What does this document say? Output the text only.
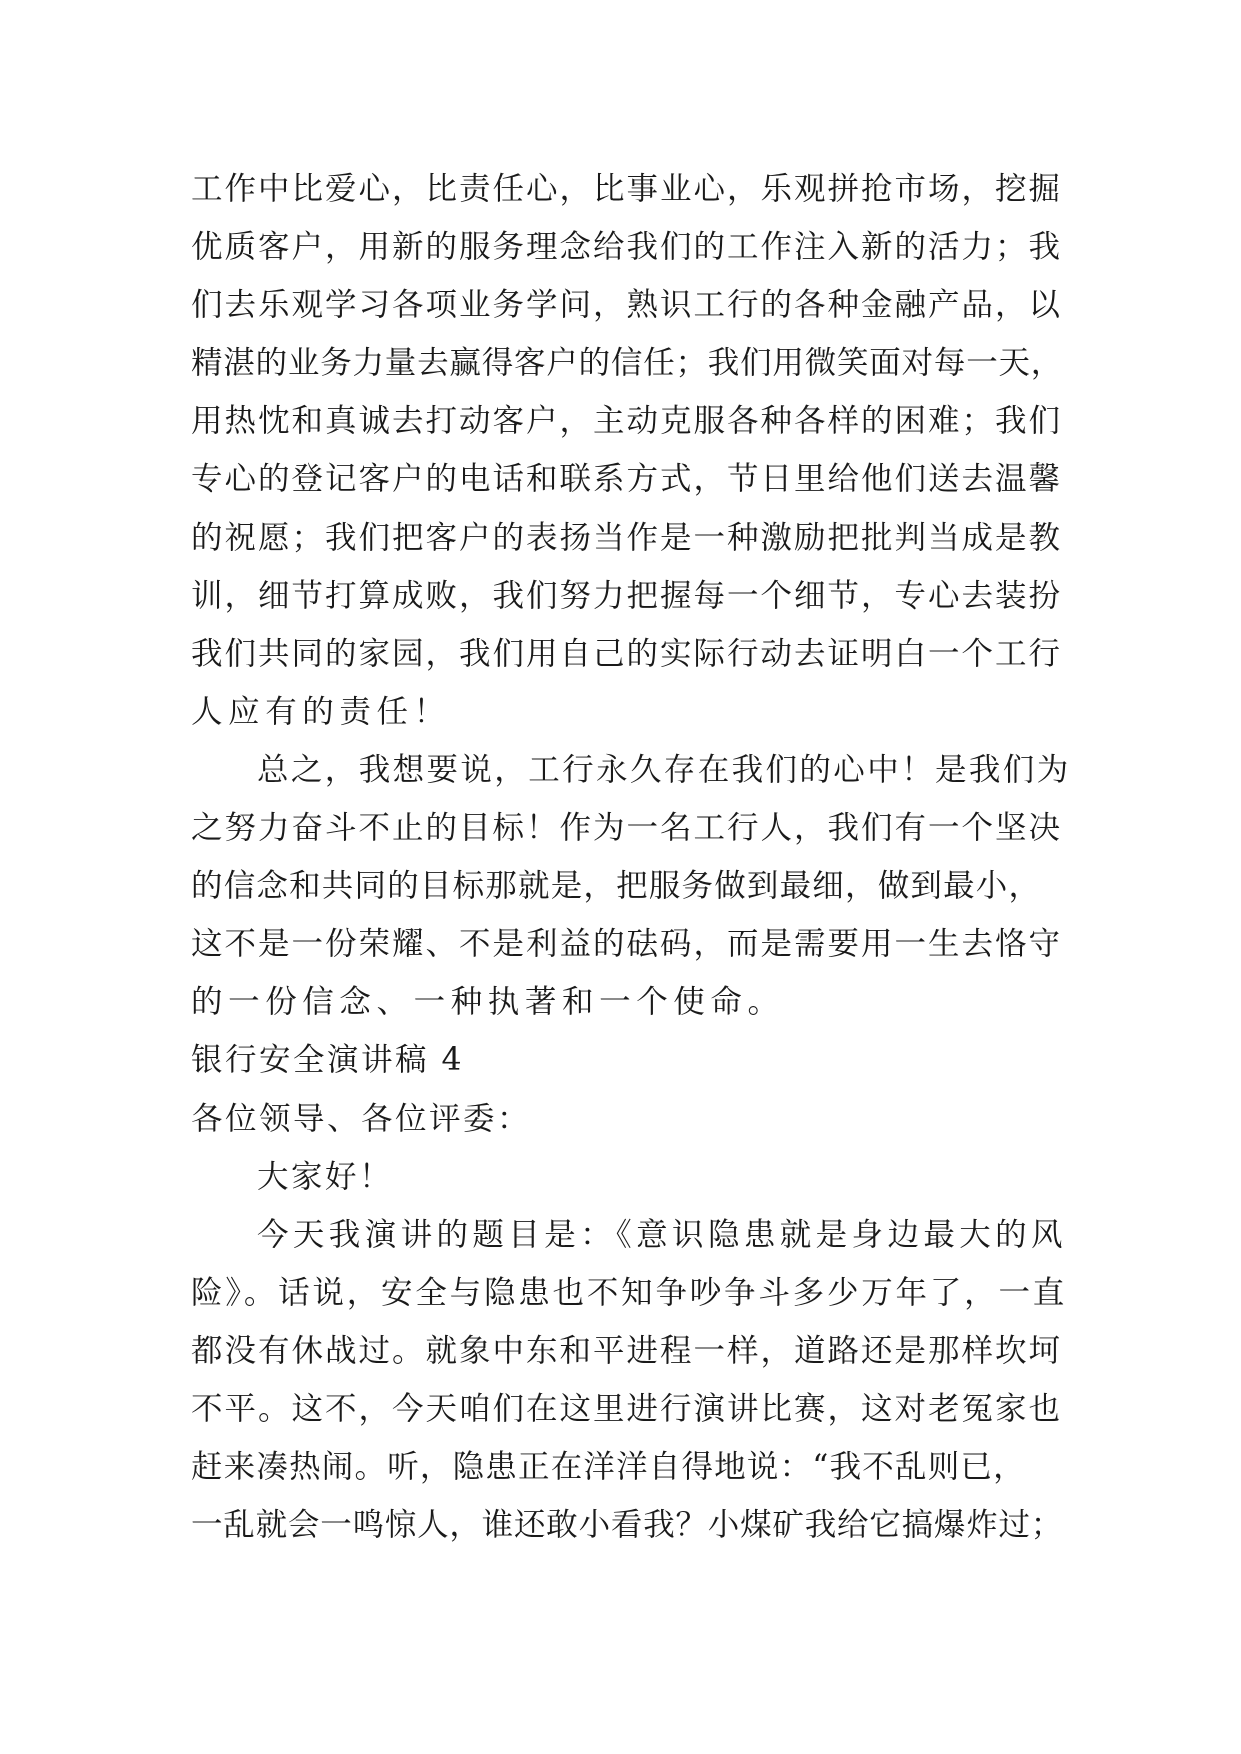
工作中比爱心，比责任心，比事业心，乐观拼抢市场，挖掘
优质客户，用新的服务理念给我们的工作注入新的活力；我
们去乐观学习各项业务学问，熟识工行的各种金融产品，以
精湛的业务力量去赢得客户的信任；我们用微笑面对每一天，
用热忱和真诚去打动客户，主动克服各种各样的困难；我们
专心的登记客户的电话和联系方式，节日里给他们送去温馨
的祝愿；我们把客户的表扬当作是一种激励把批判当成是教
训，细节打算成败，我们努力把握每一个细节，专心去装扮
我们共同的家园，我们用自己的实际行动去证明白一个工行
人应有的责任！
总之，我想要说，工行永久存在我们的心中！是我们为
之努力奋斗不止的目标！作为一名工行人，我们有一个坚决
的信念和共同的目标那就是，把服务做到最细，做到最小，
这不是一份荣耀、不是利益的砝码，而是需要用一生去恪守
的一份信念、一种执著和一个使命。
银行安全演讲稿 4
各位领导、各位评委：
大家好！
今天我演讲的题目是：《意识隐患就是身边最大的风
险》。话说，安全与隐患也不知争吵争斗多少万年了，一直
都没有休战过。就象中东和平进程一样，道路还是那样坎坷
不平。这不，今天咱们在这里进行演讲比赛，这对老冤家也
赶来凑热闹。听，隐患正在洋洋自得地说：“我不乱则已，
一乱就会一鸣惊人，谁还敢小看我？小煤矿我给它搞爆炸过；
